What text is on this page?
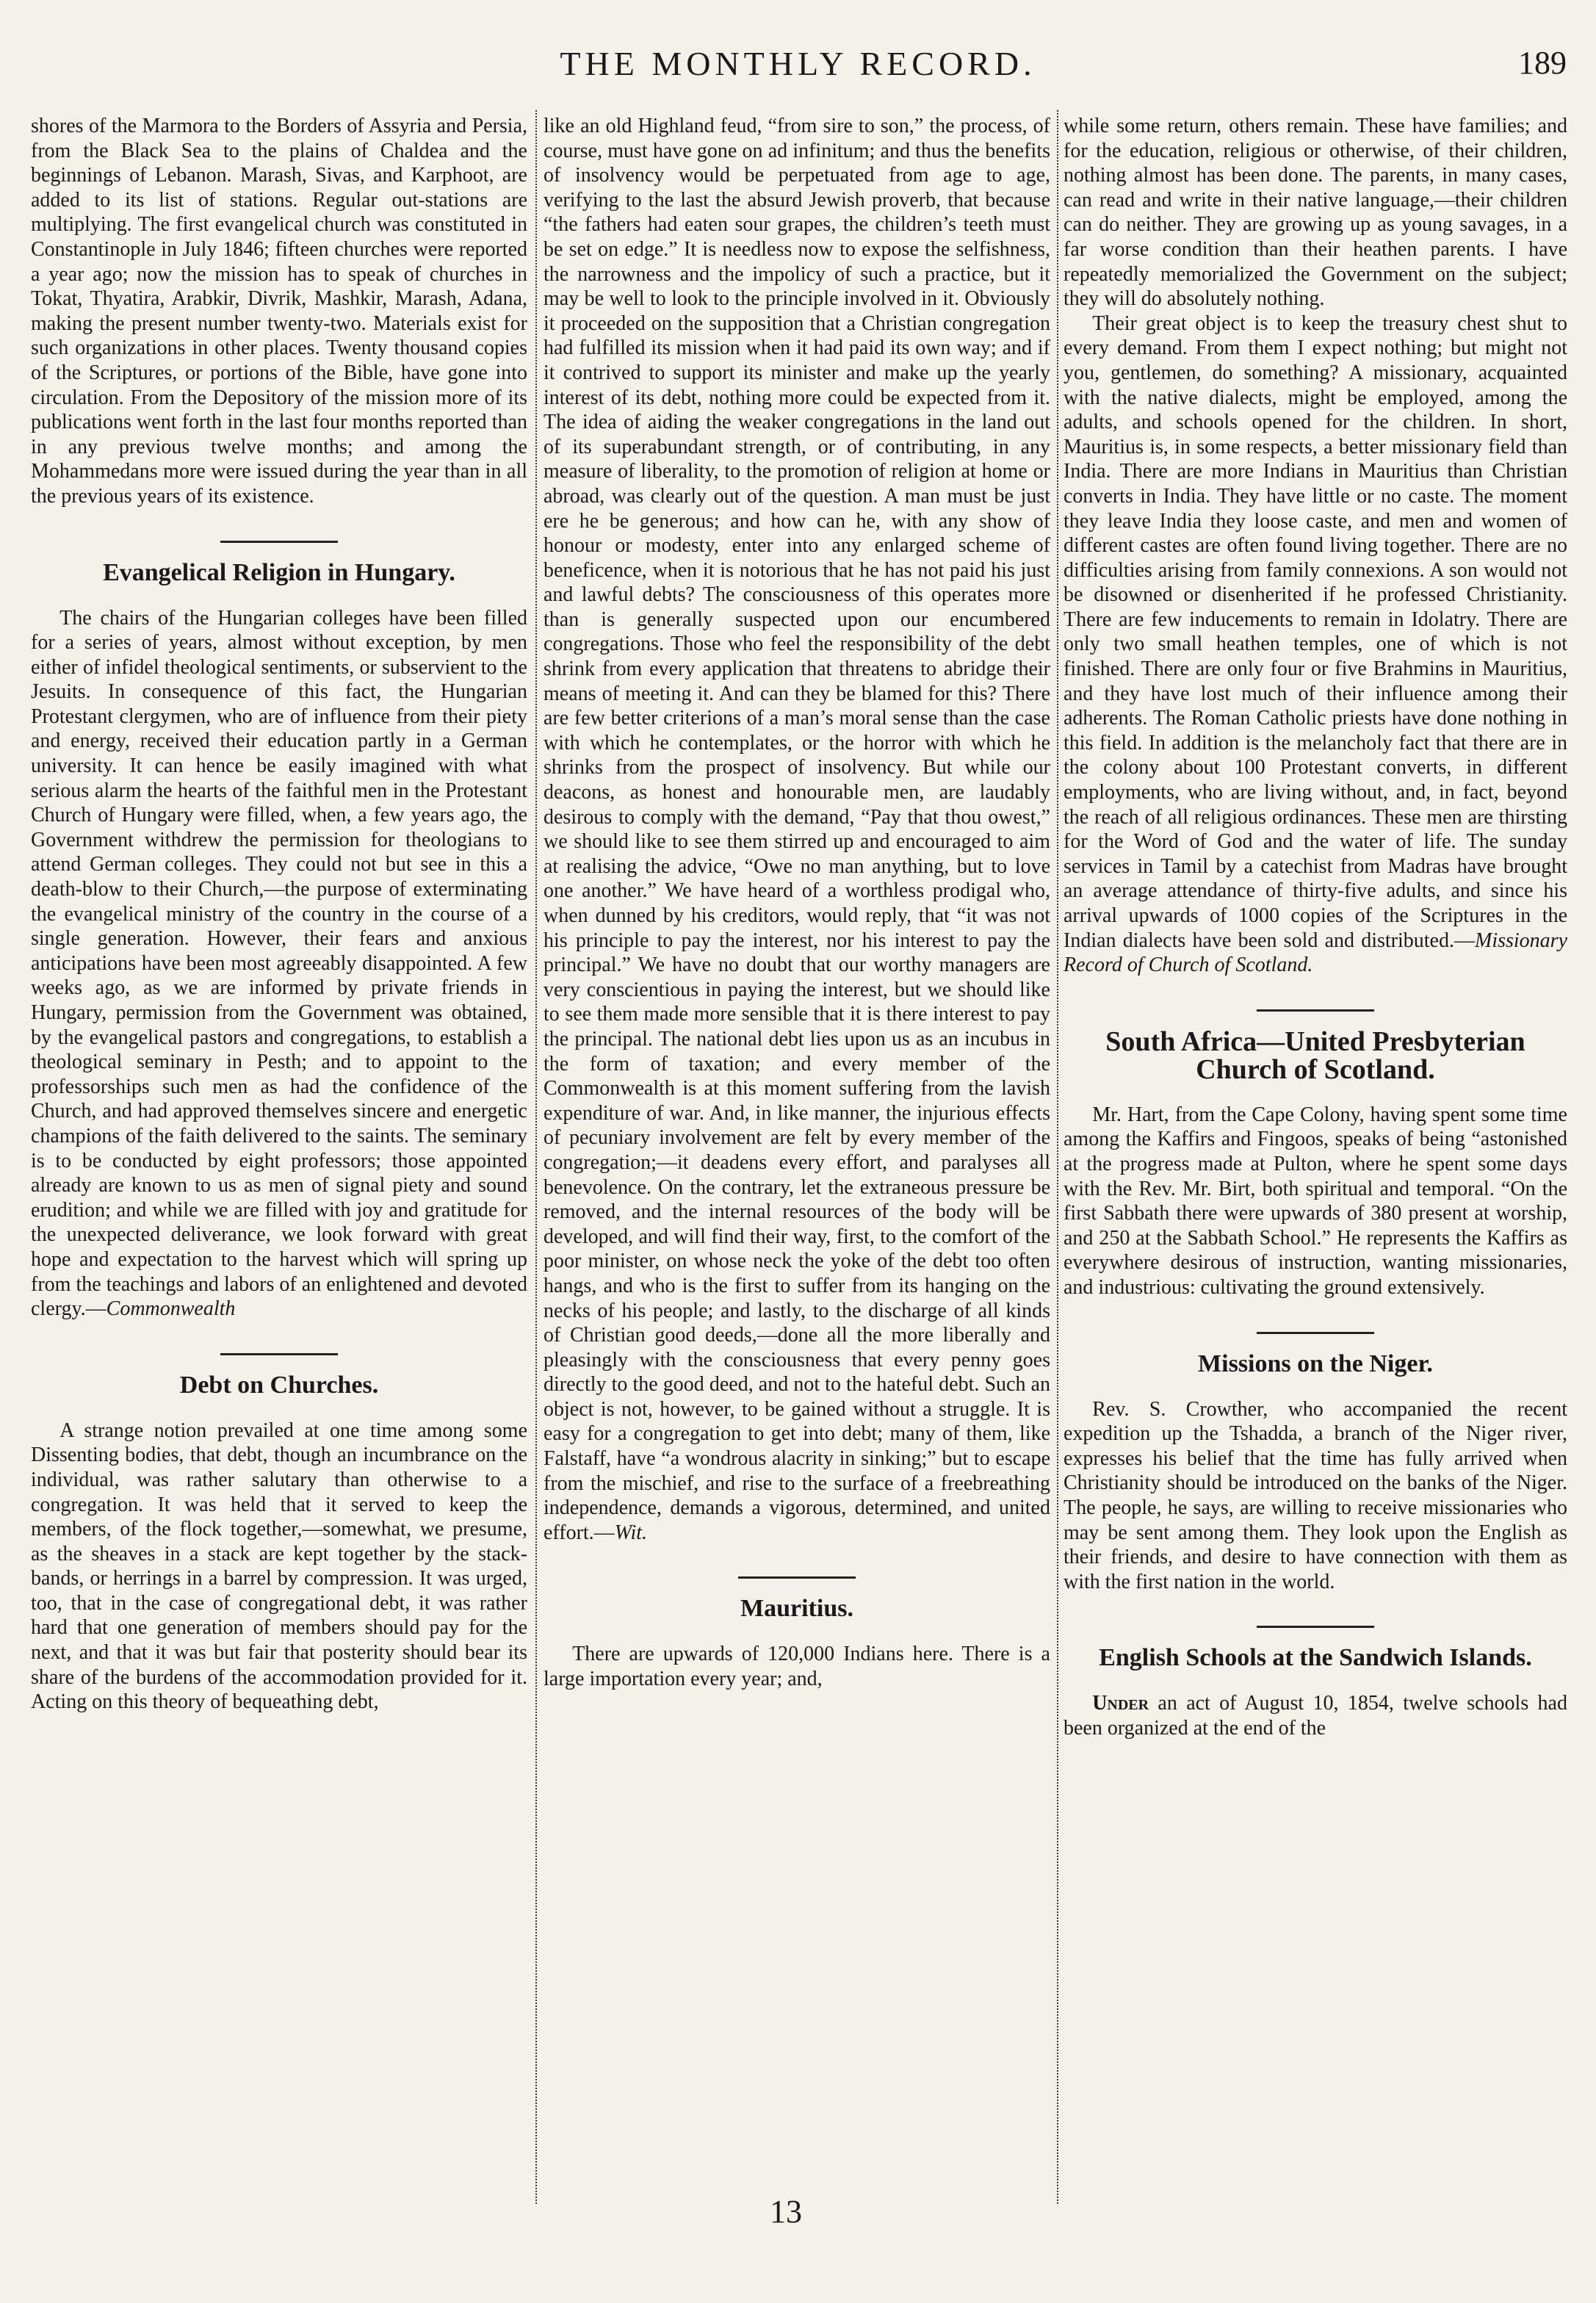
THE MONTHLY RECORD.	189

shores of the Marmora to the Borders of Assyria and Persia, from the Black Sea to the plains of Chaldea and the beginnings of Lebanon. Marash, Sivas, and Karphoot, are added to its list of stations. Regular out-stations are multiplying. The first evangelical church was constituted in Constantinople in July 1846; fifteen churches were reported a year ago; now the mission has to speak of churches in Tokat, Thyatira, Arabkir, Divrik, Mashkir, Marash, Adana, making the present number twenty-two. Materials exist for such organizations in other places. Twenty thousand copies of the Scriptures, or portions of the Bible, have gone into circulation. From the Depository of the mission more of its publications went forth in the last four months reported than in any previous twelve months; and among the Mohammedans more were issued during the year than in all the previous years of its existence.

Evangelical Religion in Hungary.

The chairs of the Hungarian colleges have been filled for a series of years, almost without exception, by men either of infidel theological sentiments, or subservient to the Jesuits. In consequence of this fact, the Hungarian Protestant clergymen, who are of influence from their piety and energy, received their education partly in a German university. It can hence be easily imagined with what serious alarm the hearts of the faithful men in the Protestant Church of Hungary were filled, when, a few years ago, the Government withdrew the permission for theologians to attend German colleges. They could not but see in this a death-blow to their Church,—the purpose of exterminating the evangelical ministry of the country in the course of a single generation. However, their fears and anxious anticipations have been most agreeably disappointed. A few weeks ago, as we are informed by private friends in Hungary, permission from the Government was obtained, by the evangelical pastors and congregations, to establish a theological seminary in Pesth; and to appoint to the professorships such men as had the confidence of the Church, and had approved themselves sincere and energetic champions of the faith delivered to the saints. The seminary is to be conducted by eight professors; those appointed already are known to us as men of signal piety and sound erudition; and while we are filled with joy and gratitude for the unexpected deliverance, we look forward with great hope and expectation to the harvest which will spring up from the teachings and labors of an enlightened and devoted clergy.—Commonwealth

Debt on Churches.

A strange notion prevailed at one time among some Dissenting bodies, that debt, though an incumbrance on the individual, was rather salutary than otherwise to a congregation. It was held that it served to keep the members, of the flock together,—somewhat, we presume, as the sheaves in a stack are kept together by the stack-bands, or herrings in a barrel by compression. It was urged, too, that in the case of congregational debt, it was rather hard that one generation of members should pay for the next, and that it was but fair that posterity should bear its share of the burdens of the accommodation provided for it. Acting on this theory of bequeathing debt,

like an old Highland feud, “from sire to son,” the process, of course, must have gone on ad infinitum; and thus the benefits of insolvency would be perpetuated from age to age, verifying to the last the absurd Jewish proverb, that because “the fathers had eaten sour grapes, the children’s teeth must be set on edge.” It is needless now to expose the selfishness, the narrowness and the impolicy of such a practice, but it may be well to look to the principle involved in it. Obviously it proceeded on the supposition that a Christian congregation had fulfilled its mission when it had paid its own way; and if it contrived to support its minister and make up the yearly interest of its debt, nothing more could be expected from it. The idea of aiding the weaker congregations in the land out of its superabundant strength, or of contributing, in any measure of liberality, to the promotion of religion at home or abroad, was clearly out of the question. A man must be just ere he be generous; and how can he, with any show of honour or modesty, enter into any enlarged scheme of beneficence, when it is notorious that he has not paid his just and lawful debts? The consciousness of this operates more than is generally suspected upon our encumbered congregations. Those who feel the responsibility of the debt shrink from every application that threatens to abridge their means of meeting it. And can they be blamed for this? There are few better criterions of a man’s moral sense than the case with which he contemplates, or the horror with which he shrinks from the prospect of insolvency. But while our deacons, as honest and honourable men, are laudably desirous to comply with the demand, “Pay that thou owest,” we should like to see them stirred up and encouraged to aim at realising the advice, “Owe no man anything, but to love one another.” We have heard of a worthless prodigal who, when dunned by his creditors, would reply, that “it was not his principle to pay the interest, nor his interest to pay the principal.” We have no doubt that our worthy managers are very conscientious in paying the interest, but we should like to see them made more sensible that it is there interest to pay the principal. The national debt lies upon us as an incubus in the form of taxation; and every member of the Commonwealth is at this moment suffering from the lavish expenditure of war. And, in like manner, the injurious effects of pecuniary involvement are felt by every member of the congregation;—it deadens every effort, and paralyses all benevolence. On the contrary, let the extraneous pressure be removed, and the internal resources of the body will be developed, and will find their way, first, to the comfort of the poor minister, on whose neck the yoke of the debt too often hangs, and who is the first to suffer from its hanging on the necks of his people; and lastly, to the discharge of all kinds of Christian good deeds,—done all the more liberally and pleasingly with the consciousness that every penny goes directly to the good deed, and not to the hateful debt. Such an object is not, however, to be gained without a struggle. It is easy for a congregation to get into debt; many of them, like Falstaff, have “a wondrous alacrity in sinking;” but to escape from the mischief, and rise to the surface of a freebreathing independence, demands a vigorous, determined, and united effort.—Wit.

Mauritius.

There are upwards of 120,000 Indians here. There is a large importation every year; and,

while some return, others remain. These have families; and for the education, religious or otherwise, of their children, nothing almost has been done. The parents, in many cases, can read and write in their native language,—their children can do neither. They are growing up as young savages, in a far worse condition than their heathen parents. I have repeatedly memorialized the Government on the subject; they will do absolutely nothing.

Their great object is to keep the treasury chest shut to every demand. From them I expect nothing; but might not you, gentlemen, do something? A missionary, acquainted with the native dialects, might be employed, among the adults, and schools opened for the children. In short, Mauritius is, in some respects, a better missionary field than India. There are more Indians in Mauritius than Christian converts in India. They have little or no caste. The moment they leave India they loose caste, and men and women of different castes are often found living together. There are no difficulties arising from family connexions. A son would not be disowned or disenherited if he professed Christianity. There are few inducements to remain in Idolatry. There are only two small heathen temples, one of which is not finished. There are only four or five Brahmins in Mauritius, and they have lost much of their influence among their adherents. The Roman Catholic priests have done nothing in this field. In addition is the melancholy fact that there are in the colony about 100 Protestant converts, in different employments, who are living without, and, in fact, beyond the reach of all religious ordinances. These men are thirsting for the Word of God and the water of life. The sunday services in Tamil by a catechist from Madras have brought an average attendance of thirty-five adults, and since his arrival upwards of 1000 copies of the Scriptures in the Indian dialects have been sold and distributed.—Missionary Record of Church of Scotland.

South Africa—United Presbyterian Church of Scotland.

Mr. Hart, from the Cape Colony, having spent some time among the Kaffirs and Fingoos, speaks of being “astonished at the progress made at Pulton, where he spent some days with the Rev. Mr. Birt, both spiritual and temporal. “On the first Sabbath there were upwards of 380 present at worship, and 250 at the Sabbath School.” He represents the Kaffirs as everywhere desirous of instruction, wanting missionaries, and industrious: cultivating the ground extensively.

Missions on the Niger.

Rev. S. Crowther, who accompanied the recent expedition up the Tshadda, a branch of the Niger river, expresses his belief that the time has fully arrived when Christianity should be introduced on the banks of the Niger. The people, he says, are willing to receive missionaries who may be sent among them. They look upon the English as their friends, and desire to have connection with them as with the first nation in the world.

English Schools at the Sandwich Islands.

Under an act of August 10, 1854, twelve schools had been organized at the end of the

13
